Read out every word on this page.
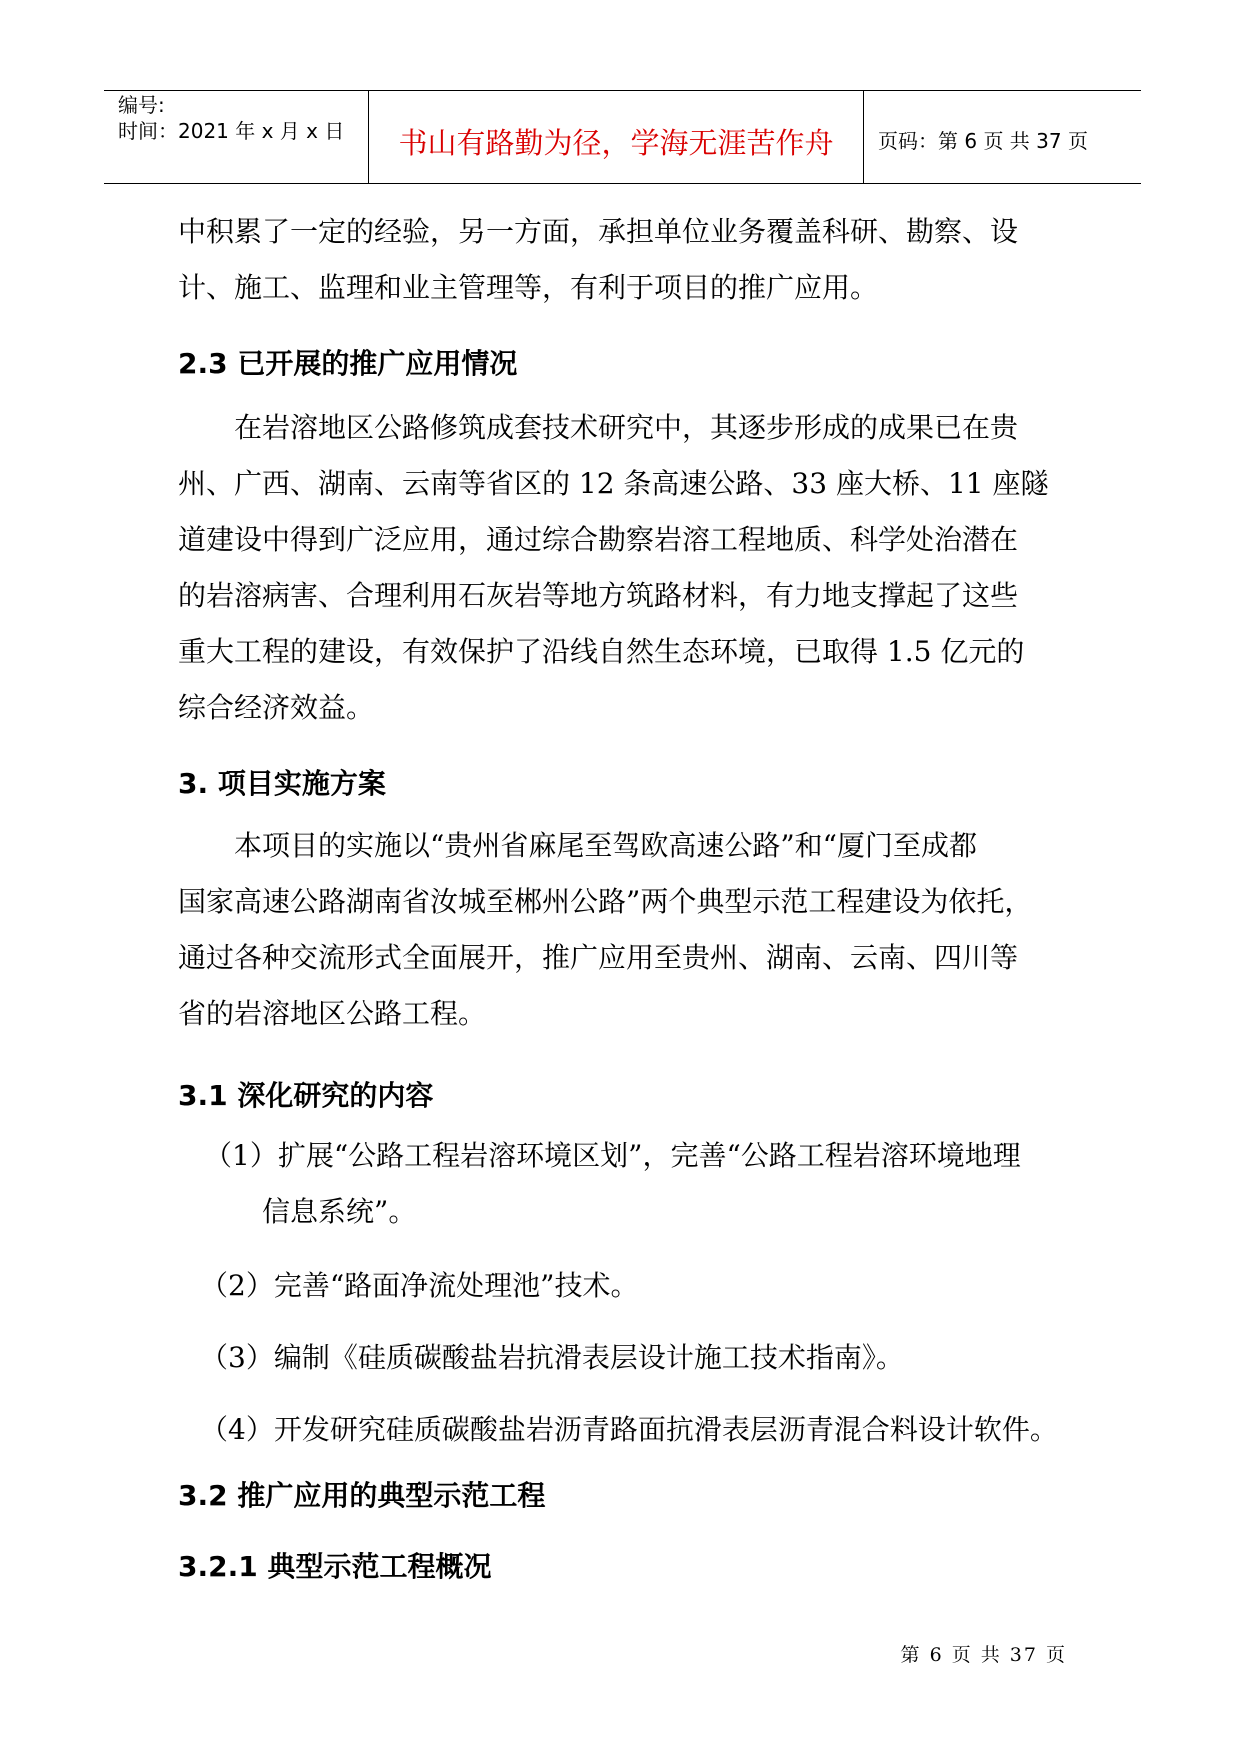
编号:
时间：2021 年 x 月 x 日	书山有路勤为径，学海无涯苦作舟	页码：第 6 页 共 37 页
中积累了一定的经验，另一方面，承担单位业务覆盖科研、勘察、设
计、施工、监理和业主管理等，有利于项目的推广应用。
2.3 已开展的推广应用情况
在岩溶地区公路修筑成套技术研究中，其逐步形成的成果已在贵
州、广西、湖南、云南等省区的 12 条高速公路、33 座大桥、11 座隧
道建设中得到广泛应用，通过综合勘察岩溶工程地质、科学处治潜在
的岩溶病害、合理利用石灰岩等地方筑路材料，有力地支撑起了这些
重大工程的建设，有效保护了沿线自然生态环境，已取得 1.5 亿元的
综合经济效益。
3. 项目实施方案
本项目的实施以“贵州省麻尾至驾欧高速公路”和“厦门至成都
国家高速公路湖南省汝城至郴州公路”两个典型示范工程建设为依托，
通过各种交流形式全面展开，推广应用至贵州、湖南、云南、四川等
省的岩溶地区公路工程。
3.1 深化研究的内容
（1）扩展“公路工程岩溶环境区划”，完善“公路工程岩溶环境地理
信息系统”。
（2）完善“路面净流处理池”技术。
（3）编制《硅质碳酸盐岩抗滑表层设计施工技术指南》。
（4）开发研究硅质碳酸盐岩沥青路面抗滑表层沥青混合料设计软件。
3.2 推广应用的典型示范工程
3.2.1 典型示范工程概况
第 6 页 共 37 页
